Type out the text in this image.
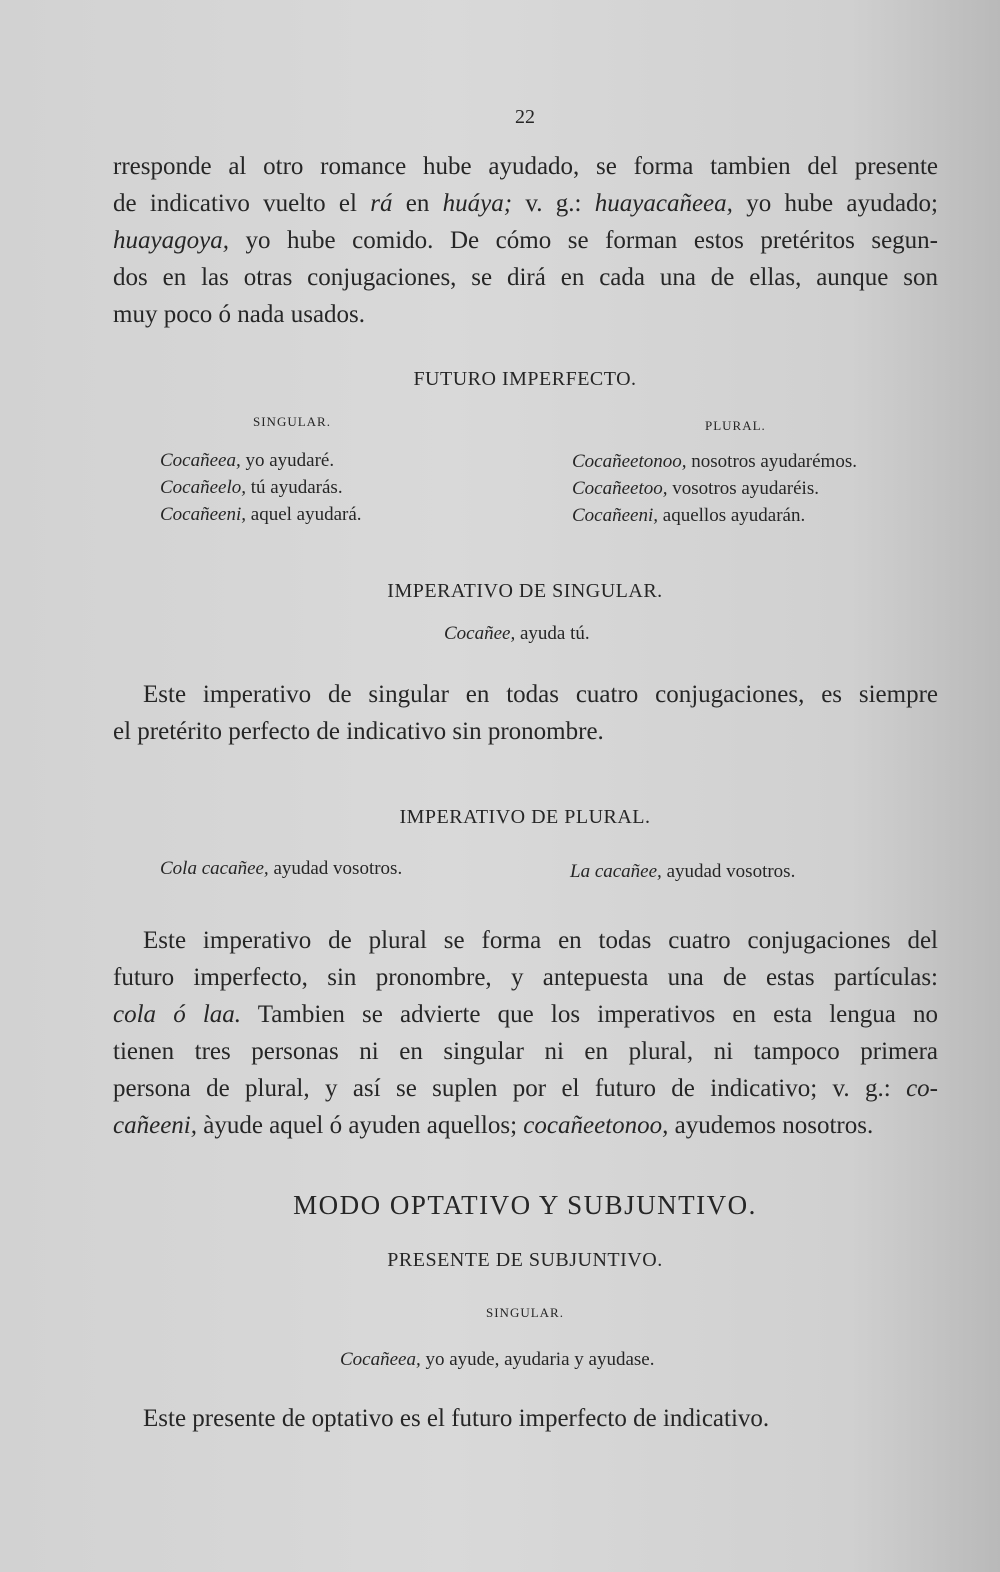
22
rresponde al otro romance hube ayudado, se forma tambien del presente
de indicativo vuelto el rá en huáya; v. g.: huayacañeea, yo hube ayudado;
huayagoya, yo hube comido. De cómo se forman estos pretéritos segun-
dos en las otras conjugaciones, se dirá en cada una de ellas, aunque son
muy poco ó nada usados.
FUTURO IMPERFECTO.
SINGULAR.	PLURAL.
Cocañeea, yo ayudaré.
Cocañeelo, tú ayudarás.
Cocañeeni, aquel ayudará.
Cocañeetonoo, nosotros ayudarémos.
Cocañeetoo, vosotros ayudaréis.
Cocañeeni, aquellos ayudarán.
IMPERATIVO DE SINGULAR.
Cocañee, ayuda tú.
Este imperativo de singular en todas cuatro conjugaciones, es siempre
el pretérito perfecto de indicativo sin pronombre.
IMPERATIVO DE PLURAL.
Cola cacañee, ayudad vosotros.	La cacañee, ayudad vosotros.
Este imperativo de plural se forma en todas cuatro conjugaciones del
futuro imperfecto, sin pronombre, y antepuesta una de estas partículas:
cola ó laa. Tambien se advierte que los imperativos en esta lengua no
tienen tres personas ni en singular ni en plural, ni tampoco primera
persona de plural, y así se suplen por el futuro de indicativo; v. g.: co-
cañeeni, àyude aquel ó ayuden aquellos; cocañeetonoo, ayudemos nosotros.
MODO OPTATIVO Y SUBJUNTIVO.
PRESENTE DE SUBJUNTIVO.
SINGULAR.
Cocañeea, yo ayude, ayudaria y ayudase.
Este presente de optativo es el futuro imperfecto de indicativo.
